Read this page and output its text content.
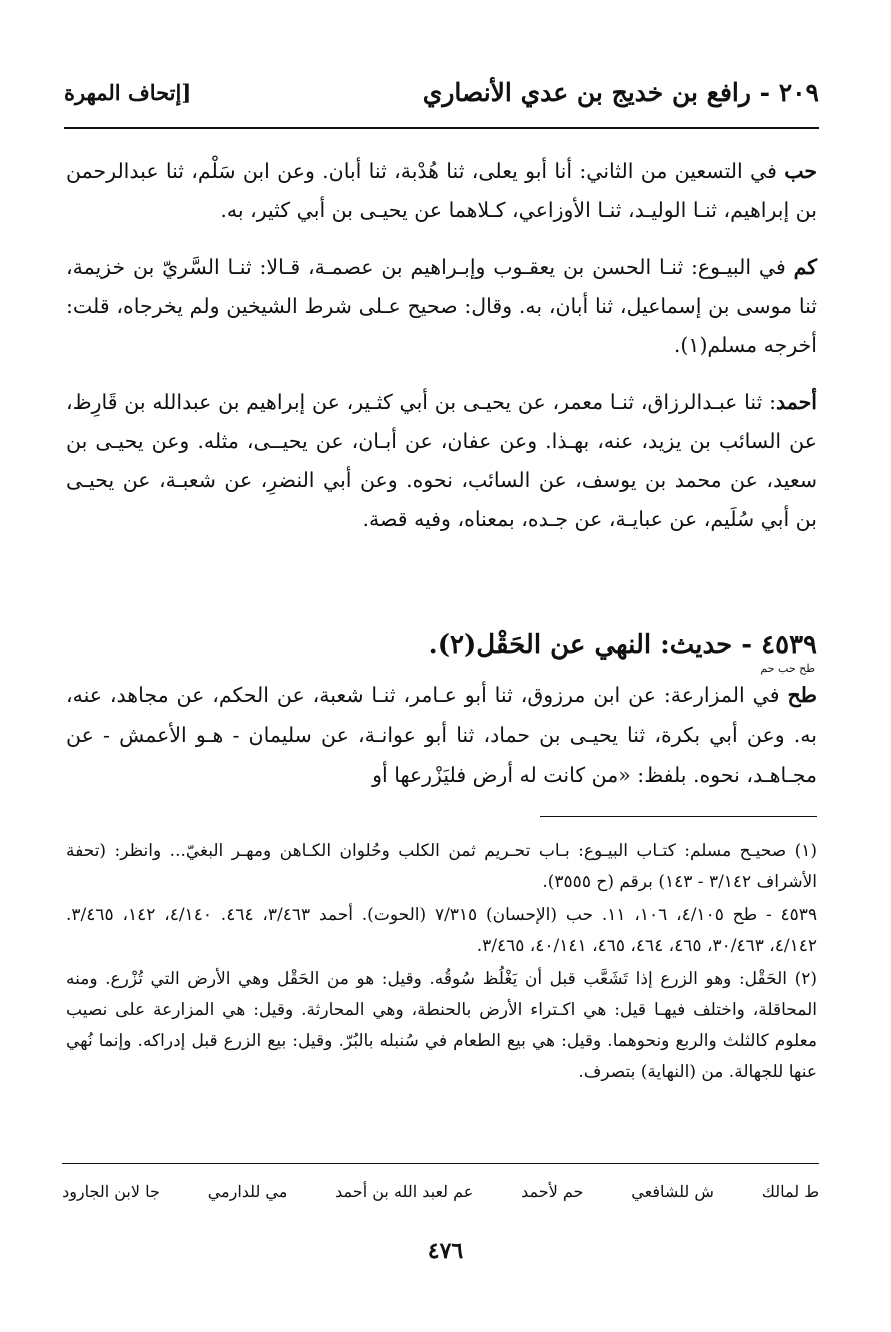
٢٠٩ - رافع بن خديج بن عدي الأنصاري
[إتحاف المهرة

حب في التسعين من الثاني: أنا أبو يعلى، ثنا هُدْبة، ثنا أبان. وعن ابن سَلْم، ثنا عبدالرحمن بن إبراهيم، ثنـا الوليـد، ثنـا الأوزاعي، كـلاهما عن يحيـى بن أبي كثير، به.

كم في البيـوع: ثنـا الحسن بن يعقـوب وإبـراهيم بن عصمـة، قـالا: ثنـا السَّريّ بن خزيمة، ثنا موسى بن إسماعيل، ثنا أبان، به. وقال: صحيح عـلى شرط الشيخين ولم يخرجاه، قلت: أخرجه مسلم(١).

أحمد: ثنا عبـدالرزاق، ثنـا معمر، عن يحيـى بن أبي كثـير، عن إبراهيم بن عبدالله بن قَارِظ، عن السائب بن يزيد، عنه، بهـذا. وعن عفان، عن أبـان، عن يحيــى، مثله. وعن يحيـى بن سعيد، عن محمد بن يوسف، عن السائب، نحوه. وعن أبي النضرِ، عن شعبـة، عن يحيـى بن أبي سُلَيم، عن عبايـة، عن جـده، بمعناه، وفيه قصة.

٤٥٣٩ - حديث: النهي عن الحَقْل(٢).

طح حب حم

طح في المزارعة: عن ابن مرزوق، ثنا أبو عـامر، ثنـا شعبة، عن الحكم، عن مجاهد، عنه، به. وعن أبي بكرة، ثنا يحيـى بن حماد، ثنا أبو عوانـة، عن سليمان - هـو الأعمش - عن مجـاهـد، نحوه. بلفظ: «من كانت له أرض فليَزْرعها أو

(١) صحيـح مسلم: كتـاب البيـوع: بـاب تحـريم ثمن الكلب وحُلوان الكـاهن ومهـر البغيّ... وانظر: (تحفة الأشراف ٣/١٤٢ - ١٤٣) برقم (ح ٣٥٥٥).

٤٥٣٩ - طح ٤/١٠٥، ١٠٦، ١١. حب (الإحسان) ٧/٣١٥ (الحوت). أحمد ٣/٤٦٣، ٤٦٤. ٤/١٤٠، ١٤٢، ٣/٤٦٥. ٤/١٤٢، ٣٠/٤٦٣، ٤٦٥، ٤٦٤، ٤٦٥، ٤٠/١٤١، ٣/٤٦٥.

(٢) الحَقْل: وهو الزرع إذا تَشَعَّب قبل أن يَغْلُظ سُوقُه. وقيل: هو من الحَقْل وهي الأرض التي تُزْرع. ومنه المحاقلة، واختلف فيهـا قيل: هي اكـتراء الأرض بالحنطة، وهي المحارثة. وقيل: هي المزارعة على نصيب معلوم كالثلث والربع ونحوهما. وقيل: هي بيع الطعام في سُنبله بالبُرّ. وقيل: بيع الزرع قبل إدراكه. وإنما نُهي عنها للجهالة. من (النهاية) بتصرف.

ط لمالك
ش للشافعي
حم لأحمد
عم لعبد الله بن أحمد
مي للدارمي
جا لابن الجارود
٤٧٦
